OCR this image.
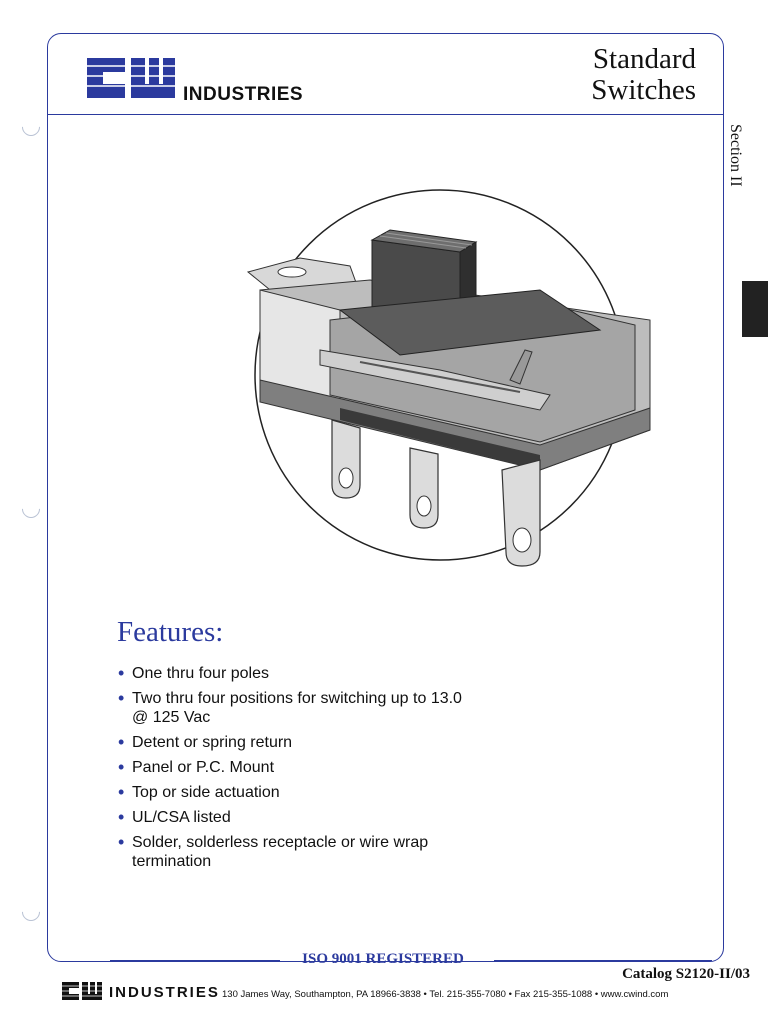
INDUSTRIES
Standard
Switches
Section II
Features:
• One thru four poles
• Two thru four positions for switching up to 13.0 @ 125 Vac
• Detent or spring return
• Panel or P.C. Mount
• Top or side actuation
• UL/CSA listed
• Solder, solderless receptacle or wire wrap termination
ISO 9001 REGISTERED
Catalog S2120-II/03
INDUSTRIES 130 James Way, Southampton, PA 18966-3838 • Tel. 215-355-7080 • Fax 215-355-1088 • www.cwind.com
